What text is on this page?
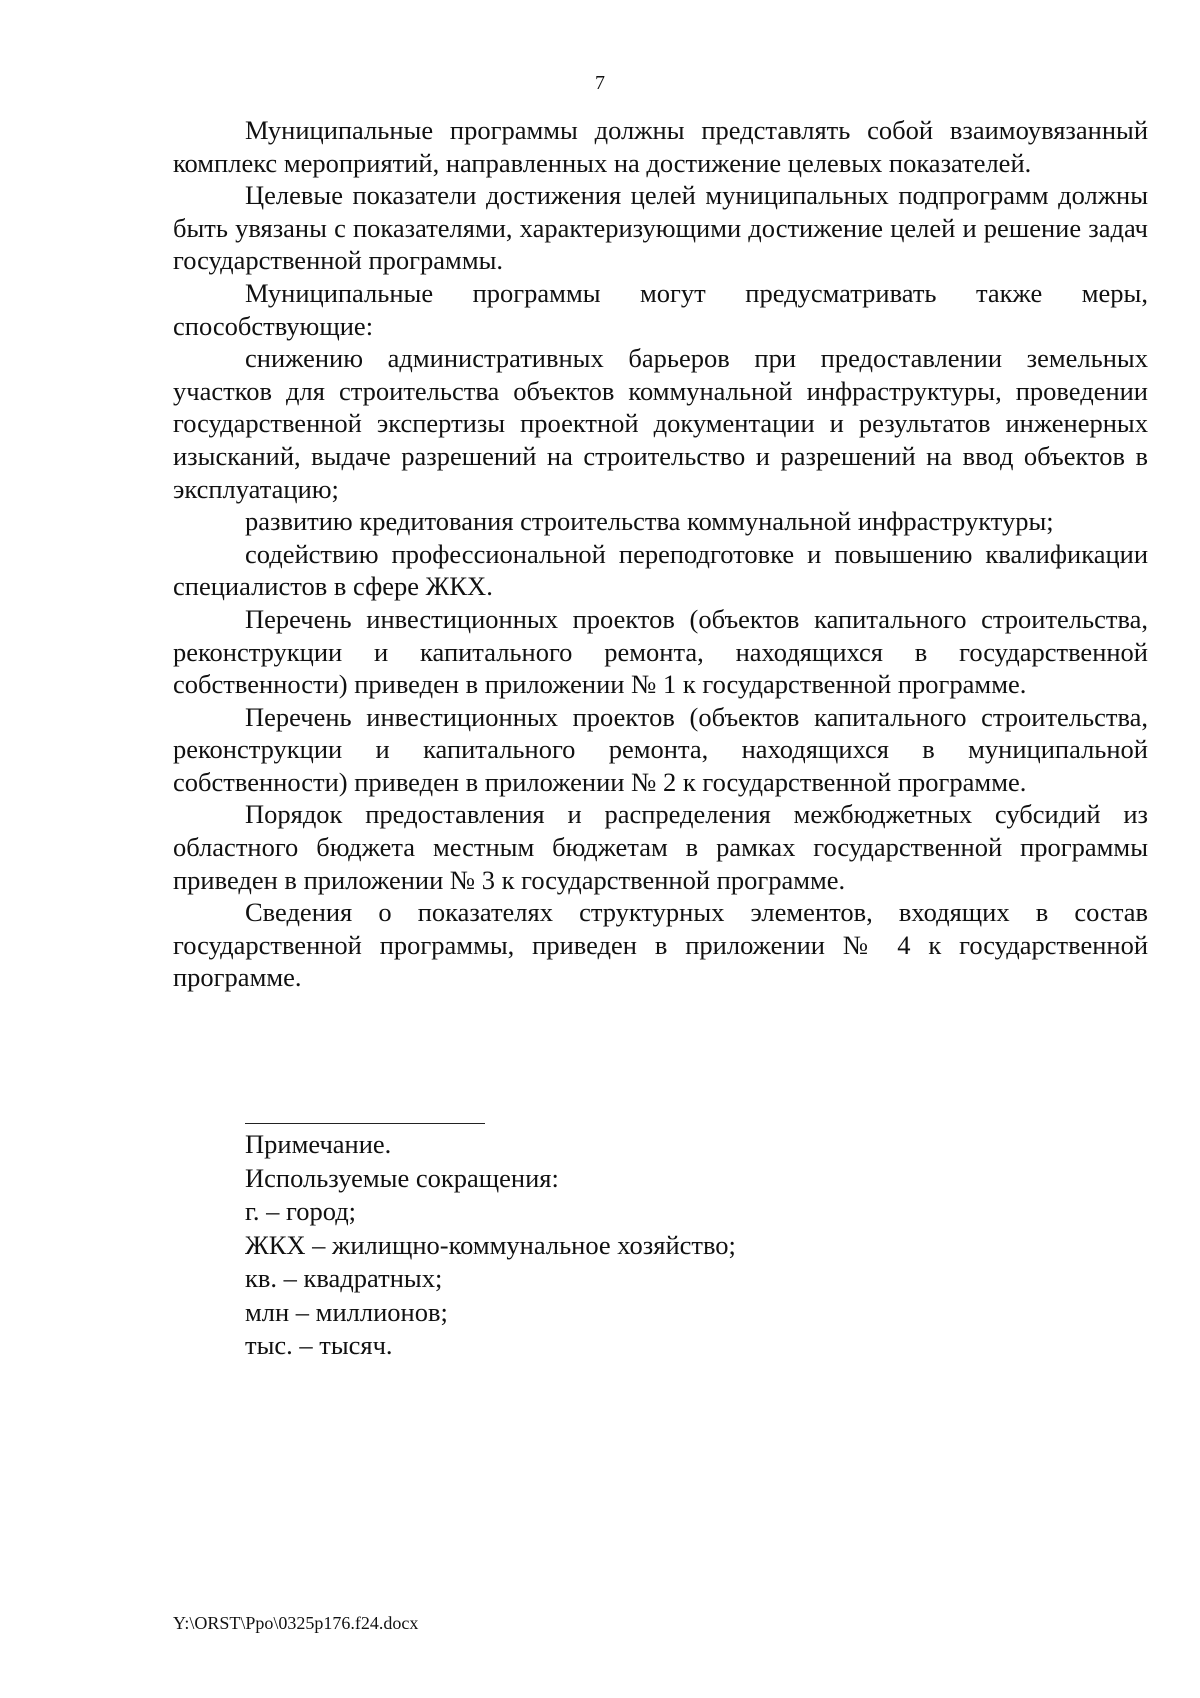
7

Муниципальные программы должны представлять собой взаимоувязанный комплекс мероприятий, направленных на достижение целевых показателей.

Целевые показатели достижения целей муниципальных подпрограмм должны быть увязаны с показателями, характеризующими достижение целей и решение задач государственной программы.

Муниципальные программы могут предусматривать также меры, способствующие:

снижению административных барьеров при предоставлении земельных участков для строительства объектов коммунальной инфраструктуры, проведении государственной экспертизы проектной документации и результатов инженерных изысканий, выдаче разрешений на строительство и разрешений на ввод объектов в эксплуатацию;

развитию кредитования строительства коммунальной инфраструктуры;

содействию профессиональной переподготовке и повышению квалификации специалистов в сфере ЖКХ.

Перечень инвестиционных проектов (объектов капитального строительства, реконструкции и капитального ремонта, находящихся в государственной собственности) приведен в приложении № 1 к государственной программе.

Перечень инвестиционных проектов (объектов капитального строительства, реконструкции и капитального ремонта, находящихся в муниципальной собственности) приведен в приложении № 2 к государственной программе.

Порядок предоставления и распределения межбюджетных субсидий из областного бюджета местным бюджетам в рамках государственной программы приведен в приложении № 3 к государственной программе.

Сведения о показателях структурных элементов, входящих в состав государственной программы, приведен в приложении № 4 к государственной программе.

Примечание.

Используемые сокращения:

г. – город;

ЖКХ – жилищно-коммунальное хозяйство;

кв. – квадратных;

млн – миллионов;

тыс. – тысяч.

Y:\ORST\Ppo\0325p176.f24.docx
